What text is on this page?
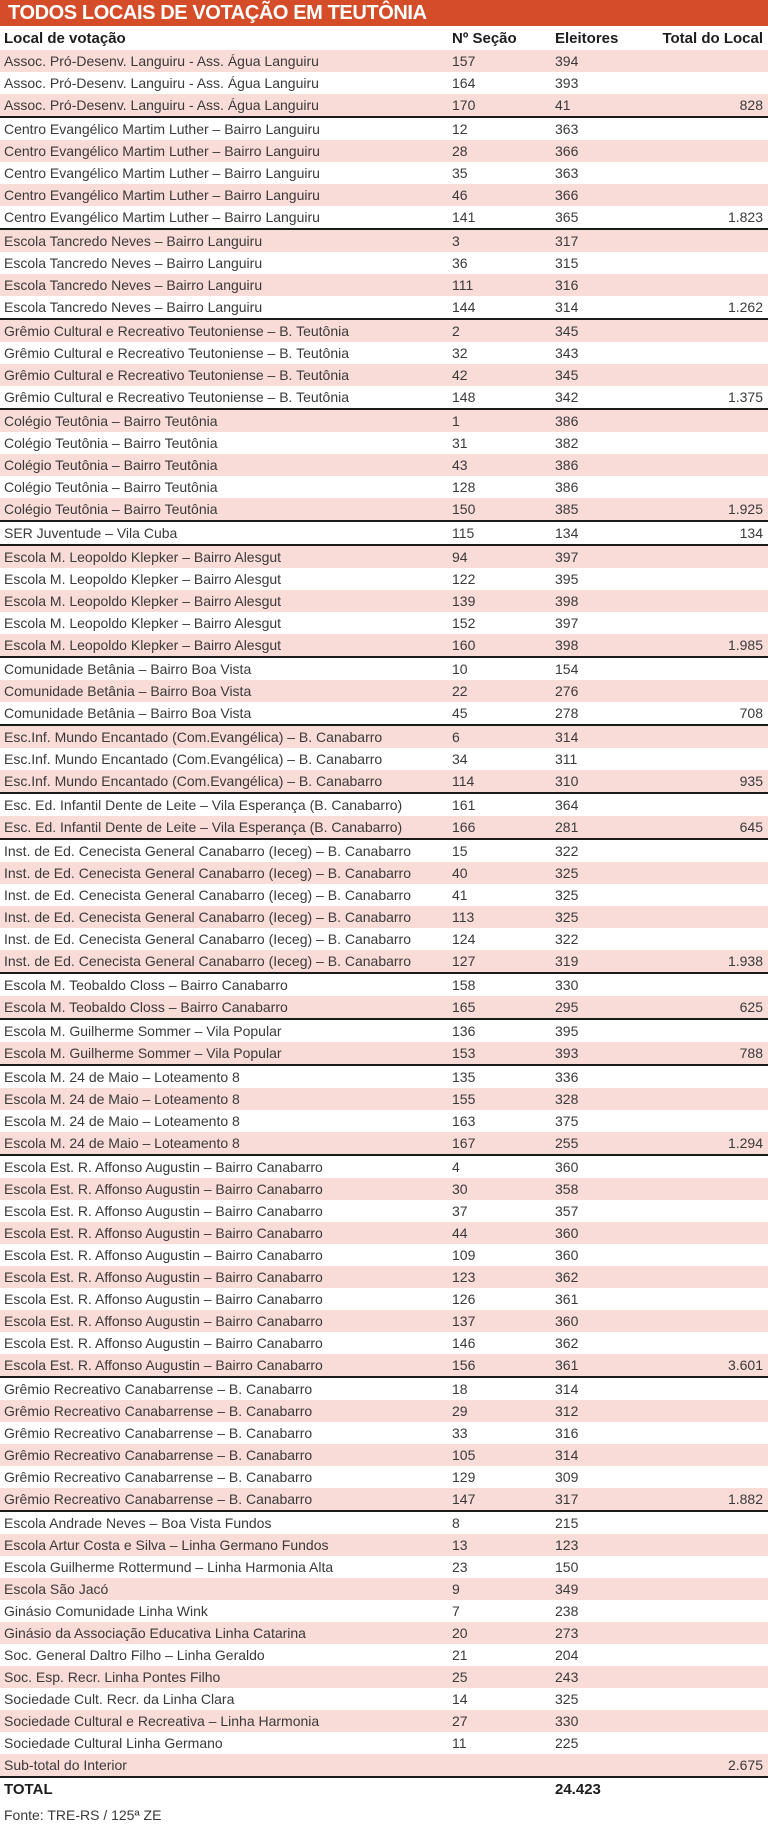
TODOS LOCAIS DE VOTAÇÃO EM TEUTÔNIA
Local de votação	Nº Seção	Eleitores	Total do Local
Assoc. Pró-Desenv. Languiru - Ass. Água Languiru	157	394	
Assoc. Pró-Desenv. Languiru - Ass. Água Languiru	164	393	
Assoc. Pró-Desenv. Languiru - Ass. Água Languiru	170	41	828
Centro Evangélico Martim Luther – Bairro Languiru	12	363	
Centro Evangélico Martim Luther – Bairro Languiru	28	366	
Centro Evangélico Martim Luther – Bairro Languiru	35	363	
Centro Evangélico Martim Luther – Bairro Languiru	46	366	
Centro Evangélico Martim Luther – Bairro Languiru	141	365	1.823
Escola Tancredo Neves – Bairro Languiru	3	317	
Escola Tancredo Neves – Bairro Languiru	36	315	
Escola Tancredo Neves – Bairro Languiru	111	316	
Escola Tancredo Neves – Bairro Languiru	144	314	1.262
Grêmio Cultural e Recreativo Teutoniense – B. Teutônia	2	345	
Grêmio Cultural e Recreativo Teutoniense – B. Teutônia	32	343	
Grêmio Cultural e Recreativo Teutoniense – B. Teutônia	42	345	
Grêmio Cultural e Recreativo Teutoniense – B. Teutônia	148	342	1.375
Colégio Teutônia – Bairro Teutônia	1	386	
Colégio Teutônia – Bairro Teutônia	31	382	
Colégio Teutônia – Bairro Teutônia	43	386	
Colégio Teutônia – Bairro Teutônia	128	386	
Colégio Teutônia – Bairro Teutônia	150	385	1.925
SER Juventude – Vila Cuba	115	134	134
Escola M. Leopoldo Klepker – Bairro Alesgut	94	397	
Escola M. Leopoldo Klepker – Bairro Alesgut	122	395	
Escola M. Leopoldo Klepker – Bairro Alesgut	139	398	
Escola M. Leopoldo Klepker – Bairro Alesgut	152	397	
Escola M. Leopoldo Klepker – Bairro Alesgut	160	398	1.985
Comunidade Betânia – Bairro Boa Vista	10	154	
Comunidade Betânia – Bairro Boa Vista	22	276	
Comunidade Betânia – Bairro Boa Vista	45	278	708
Esc.Inf. Mundo Encantado (Com.Evangélica) – B. Canabarro	6	314	
Esc.Inf. Mundo Encantado (Com.Evangélica) – B. Canabarro	34	311	
Esc.Inf. Mundo Encantado (Com.Evangélica) – B. Canabarro	114	310	935
Esc. Ed. Infantil Dente de Leite – Vila Esperança (B. Canabarro)	161	364	
Esc. Ed. Infantil Dente de Leite – Vila Esperança (B. Canabarro)	166	281	645
Inst. de Ed. Cenecista General Canabarro (Ieceg) – B. Canabarro	15	322	
Inst. de Ed. Cenecista General Canabarro (Ieceg) – B. Canabarro	40	325	
Inst. de Ed. Cenecista General Canabarro (Ieceg) – B. Canabarro	41	325	
Inst. de Ed. Cenecista General Canabarro (Ieceg) – B. Canabarro	113	325	
Inst. de Ed. Cenecista General Canabarro (Ieceg) – B. Canabarro	124	322	
Inst. de Ed. Cenecista General Canabarro (Ieceg) – B. Canabarro	127	319	1.938
Escola M. Teobaldo Closs – Bairro Canabarro	158	330	
Escola M. Teobaldo Closs – Bairro Canabarro	165	295	625
Escola M. Guilherme Sommer – Vila Popular	136	395	
Escola M. Guilherme Sommer – Vila Popular	153	393	788
Escola M. 24 de Maio – Loteamento 8	135	336	
Escola M. 24 de Maio – Loteamento 8	155	328	
Escola M. 24 de Maio – Loteamento 8	163	375	
Escola M. 24 de Maio – Loteamento 8	167	255	1.294
Escola Est. R. Affonso Augustin – Bairro Canabarro	4	360	
Escola Est. R. Affonso Augustin – Bairro Canabarro	30	358	
Escola Est. R. Affonso Augustin – Bairro Canabarro	37	357	
Escola Est. R. Affonso Augustin – Bairro Canabarro	44	360	
Escola Est. R. Affonso Augustin – Bairro Canabarro	109	360	
Escola Est. R. Affonso Augustin – Bairro Canabarro	123	362	
Escola Est. R. Affonso Augustin – Bairro Canabarro	126	361	
Escola Est. R. Affonso Augustin – Bairro Canabarro	137	360	
Escola Est. R. Affonso Augustin – Bairro Canabarro	146	362	
Escola Est. R. Affonso Augustin – Bairro Canabarro	156	361	3.601
Grêmio Recreativo Canabarrense – B. Canabarro	18	314	
Grêmio Recreativo Canabarrense – B. Canabarro	29	312	
Grêmio Recreativo Canabarrense – B. Canabarro	33	316	
Grêmio Recreativo Canabarrense – B. Canabarro	105	314	
Grêmio Recreativo Canabarrense – B. Canabarro	129	309	
Grêmio Recreativo Canabarrense – B. Canabarro	147	317	1.882
Escola Andrade Neves – Boa Vista Fundos	8	215	
Escola Artur Costa e Silva – Linha Germano Fundos	13	123	
Escola Guilherme Rottermund – Linha Harmonia Alta	23	150	
Escola São Jacó	9	349	
Ginásio Comunidade Linha Wink	7	238	
Ginásio da Associação Educativa Linha Catarina	20	273	
Soc. General Daltro Filho – Linha Geraldo	21	204	
Soc. Esp. Recr. Linha Pontes Filho	25	243	
Sociedade Cult. Recr. da Linha Clara	14	325	
Sociedade Cultural e Recreativa – Linha Harmonia	27	330	
Sociedade Cultural Linha Germano	11	225	
Sub-total do Interior			2.675
TOTAL		24.423	
Fonte: TRE-RS / 125ª ZE
